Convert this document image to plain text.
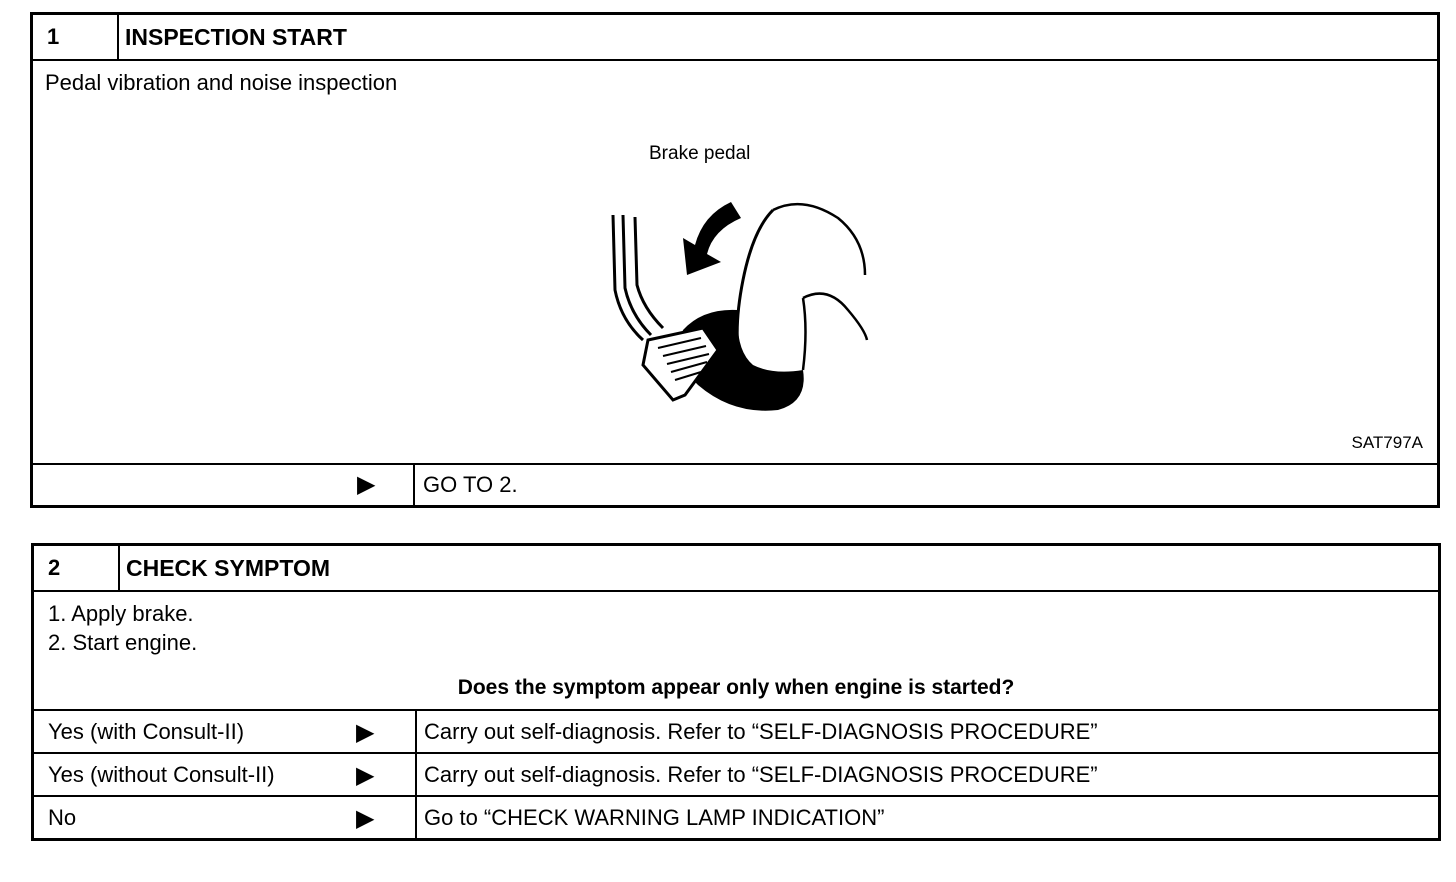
1	INSPECTION START
Pedal vibration and noise inspection
Brake pedal
SAT797A
▶ GO TO 2.
2	CHECK SYMPTOM
1. Apply brake.
2. Start engine.
Does the symptom appear only when engine is started?
Yes (with Consult-II)	▶ Carry out self-diagnosis. Refer to “SELF-DIAGNOSIS PROCEDURE”
Yes (without Consult-II)	▶ Carry out self-diagnosis. Refer to “SELF-DIAGNOSIS PROCEDURE”
No	▶ Go to “CHECK WARNING LAMP INDICATION”
